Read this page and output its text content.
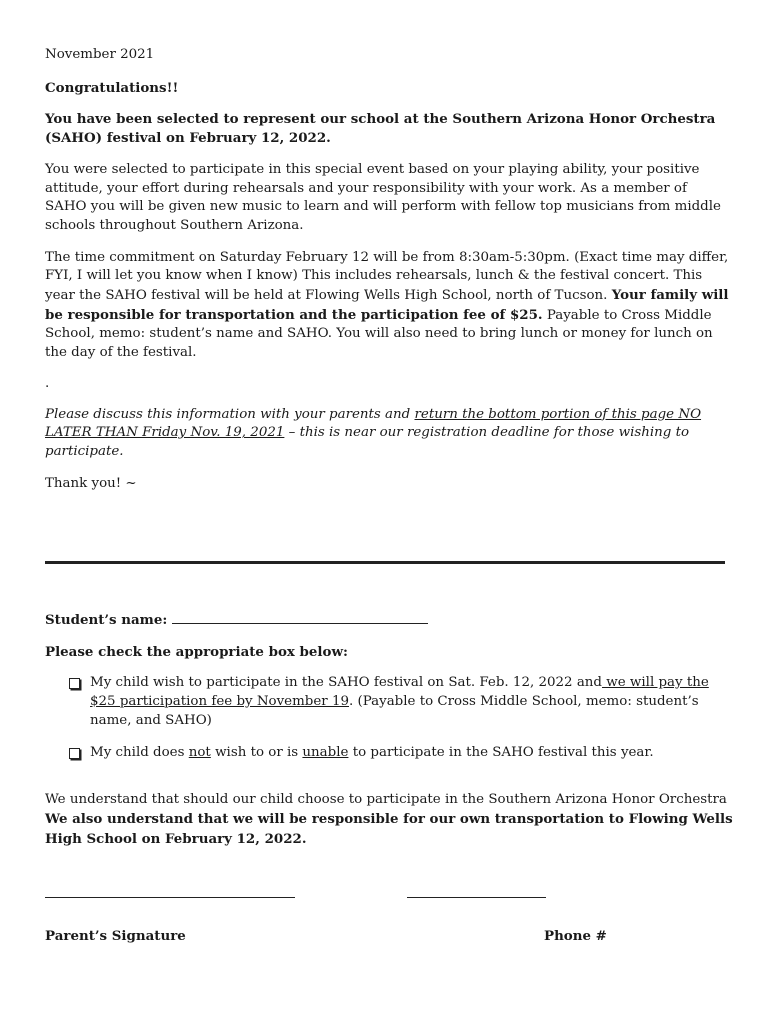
November 2021

Congratulations!!

You have been selected to represent our school at the Southern Arizona Honor Orchestra (SAHO) festival on February 12, 2022.

You were selected to participate in this special event based on your playing ability, your positive attitude, your effort during rehearsals and your responsibility with your work. As a member of SAHO you will be given new music to learn and will perform with fellow top musicians from middle schools throughout Southern Arizona.

The time commitment on Saturday February 12 will be from 8:30am-5:30pm. (Exact time may differ, FYI, I will let you know when I know) This includes rehearsals, lunch & the festival concert. This year the SAHO festival will be held at Flowing Wells High School, north of Tucson. Your family will be responsible for transportation and the participation fee of $25. Payable to Cross Middle School, memo: student’s name and SAHO. You will also need to bring lunch or money for lunch on the day of the festival.

.

Please discuss this information with your parents and return the bottom portion of this page NO LATER THAN Friday Nov. 19, 2021 – this is near our registration deadline for those wishing to participate.

Thank you! ~

Student’s name:

Please check the appropriate box below:

My child wish to participate in the SAHO festival on Sat. Feb. 12, 2022 and we will pay the $25 participation fee by November 19. (Payable to Cross Middle School, memo: student’s name, and SAHO)
My child does not wish to or is unable to participate in the SAHO festival this year.

We understand that should our child choose to participate in the Southern Arizona Honor Orchestra We also understand that we will be responsible for our own transportation to Flowing Wells High School on February 12, 2022.

Parent’s Signature	Phone #
